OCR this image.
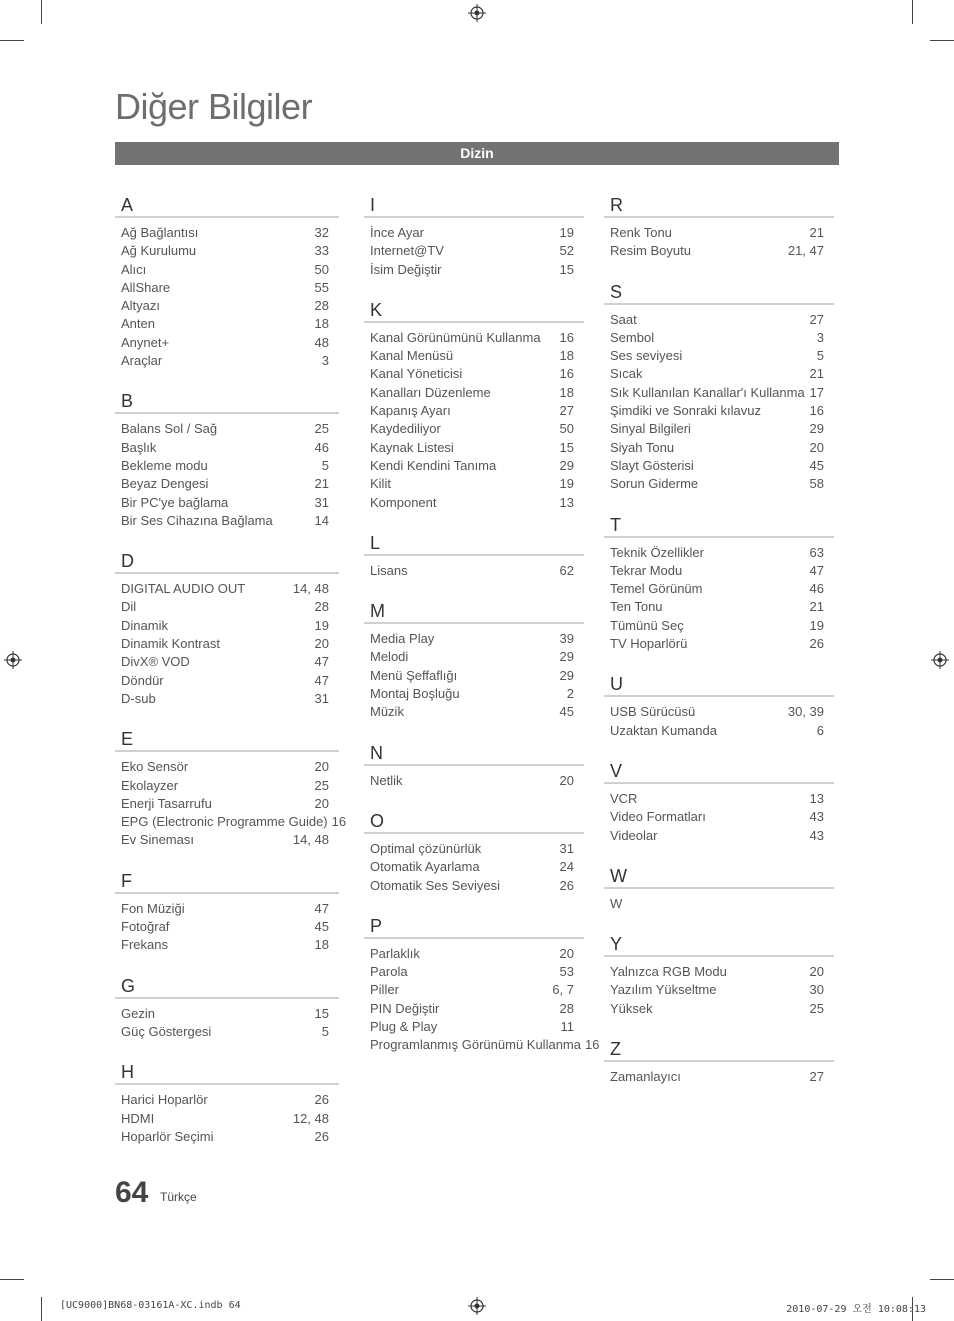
Diğer Bilgiler
Dizin
A
Ağ Bağlantısı	32
Ağ Kurulumu	33
Alıcı	50
AllShare	55
Altyazı	28
Anten	18
Anynet+	48
Araçlar	3
B
Balans Sol / Sağ	25
Başlık	46
Bekleme modu	5
Beyaz Dengesi	21
Bir PC'ye bağlama	31
Bir Ses Cihazına Bağlama	14
D
DIGITAL AUDIO OUT	14, 48
Dil	28
Dinamik	19
Dinamik Kontrast	20
DivX® VOD	47
Döndür	47
D-sub	31
E
Eko Sensör	20
Ekolayzer	25
Enerji Tasarrufu	20
EPG (Electronic Programme Guide) 16
Ev Sineması	14, 48
F
Fon Müziği	47
Fotoğraf	45
Frekans	18
G
Gezin	15
Güç Göstergesi	5
H
Harici Hoparlör	26
HDMI	12, 48
Hoparlör Seçimi	26
I
İnce Ayar	19
Internet@TV	52
İsim Değiştir	15
K
Kanal Görünümünü Kullanma	16
Kanal Menüsü	18
Kanal Yöneticisi	16
Kanalları Düzenleme	18
Kapanış Ayarı	27
Kaydediliyor	50
Kaynak Listesi	15
Kendi Kendini Tanıma	29
Kilit	19
Komponent	13
L
Lisans	62
M
Media Play	39
Melodi	29
Menü Şeffaflığı	29
Montaj Boşluğu	2
Müzik	45
N
Netlik	20
O
Optimal çözünürlük	31
Otomatik Ayarlama	24
Otomatik Ses Seviyesi	26
P
Parlaklık	20
Parola	53
Piller	6, 7
PIN Değiştir	28
Plug & Play	11
Programlanmış Görünümü Kullanma 16
R
Renk Tonu	21
Resim Boyutu	21, 47
S
Saat	27
Sembol	3
Ses seviyesi	5
Sıcak	21
Sık Kullanılan Kanallar'ı Kullanma 17
Şimdiki ve Sonraki kılavuz	16
Sinyal Bilgileri	29
Siyah Tonu	20
Slayt Gösterisi	45
Sorun Giderme	58
T
Teknik Özellikler	63
Tekrar Modu	47
Temel Görünüm	46
Ten Tonu	21
Tümünü Seç	19
TV Hoparlörü	26
U
USB Sürücüsü	30, 39
Uzaktan Kumanda	6
V
VCR	13
Video Formatları	43
Videolar	43
W
W
Y
Yalnızca RGB Modu	20
Yazılım Yükseltme	30
Yüksek	25
Z
Zamanlayıcı	27
64 Türkçe
[UC9000]BN68-03161A-XC.indb 64	2010-07-29 오전 10:08:13
